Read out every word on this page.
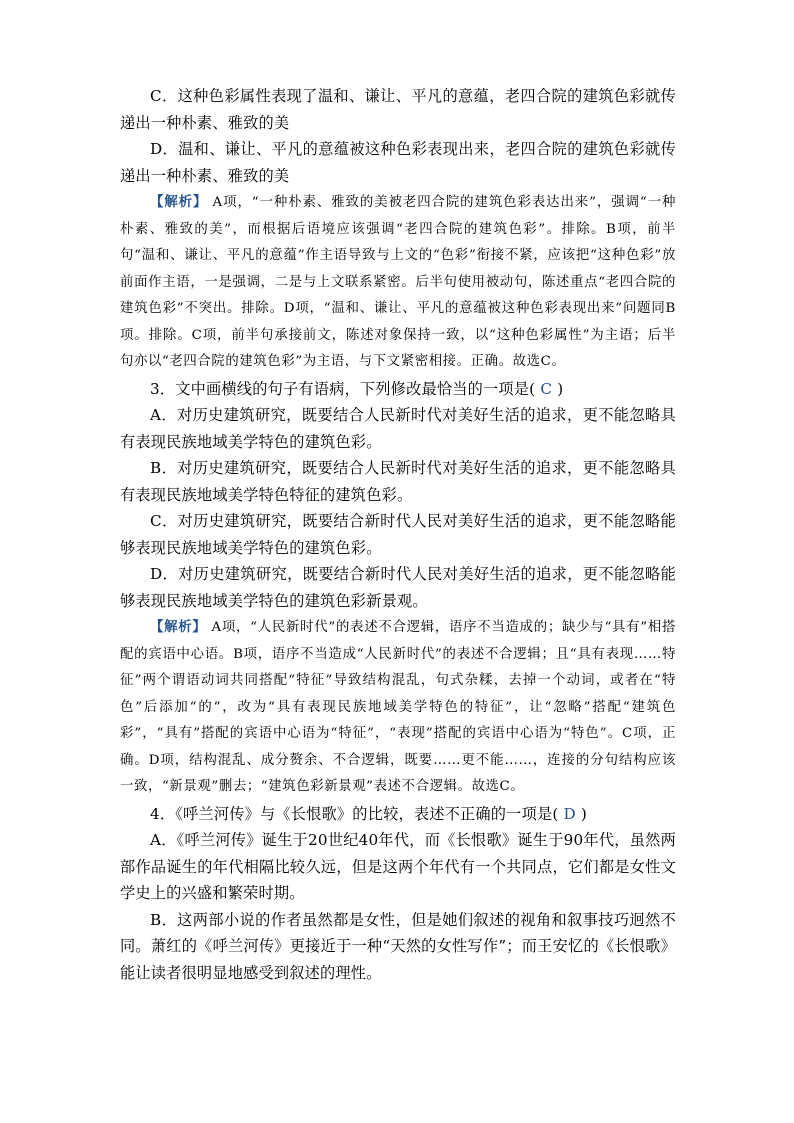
C．这种色彩属性表现了温和、谦让、平凡的意蕴，老四合院的建筑色彩就传递出一种朴素、雅致的美

D．温和、谦让、平凡的意蕴被这种色彩表现出来，老四合院的建筑色彩就传递出一种朴素、雅致的美

【解析】 A项，“一种朴素、雅致的美被老四合院的建筑色彩表达出来”，强调“一种朴素、雅致的美”，而根据后语境应该强调“老四合院的建筑色彩”。排除。B项，前半句“温和、谦让、平凡的意蕴”作主语导致与上文的“色彩”衔接不紧，应该把“这种色彩”放前面作主语，一是强调，二是与上文联系紧密。后半句使用被动句，陈述重点“老四合院的建筑色彩”不突出。排除。D项，“温和、谦让、平凡的意蕴被这种色彩表现出来”问题同B项。排除。C项，前半句承接前文，陈述对象保持一致，以“这种色彩属性”为主语；后半句亦以“老四合院的建筑色彩”为主语，与下文紧密相接。正确。故选C。

3．文中画横线的句子有语病，下列修改最恰当的一项是( C )

A．对历史建筑研究，既要结合人民新时代对美好生活的追求，更不能忽略具有表现民族地域美学特色的建筑色彩。

B．对历史建筑研究，既要结合人民新时代对美好生活的追求，更不能忽略具有表现民族地域美学特色特征的建筑色彩。

C．对历史建筑研究，既要结合新时代人民对美好生活的追求，更不能忽略能够表现民族地域美学特色的建筑色彩。

D．对历史建筑研究，既要结合新时代人民对美好生活的追求，更不能忽略能够表现民族地域美学特色的建筑色彩新景观。

【解析】 A项，“人民新时代”的表述不合逻辑，语序不当造成的；缺少与“具有”相搭配的宾语中心语。B项，语序不当造成“人民新时代”的表述不合逻辑；且“具有表现……特征”两个谓语动词共同搭配“特征”导致结构混乱，句式杂糅，去掉一个动词，或者在“特色”后添加“的”，改为“具有表现民族地域美学特色的特征”，让“忽略”搭配“建筑色彩”，“具有”搭配的宾语中心语为“特征”，“表现”搭配的宾语中心语为“特色”。C项，正确。D项，结构混乱、成分赘余、不合逻辑，既要……更不能……，连接的分句结构应该一致，“新景观”删去；“建筑色彩新景观”表述不合逻辑。故选C。

4．《呼兰河传》与《长恨歌》的比较，表述不正确的一项是( D )

A．《呼兰河传》诞生于20世纪40年代，而《长恨歌》诞生于90年代，虽然两部作品诞生的年代相隔比较久远，但是这两个年代有一个共同点，它们都是女性文学史上的兴盛和繁荣时期。

B．这两部小说的作者虽然都是女性，但是她们叙述的视角和叙事技巧迥然不同。萧红的《呼兰河传》更接近于一种“天然的女性写作”；而王安忆的《长恨歌》能让读者很明显地感受到叙述的理性。
